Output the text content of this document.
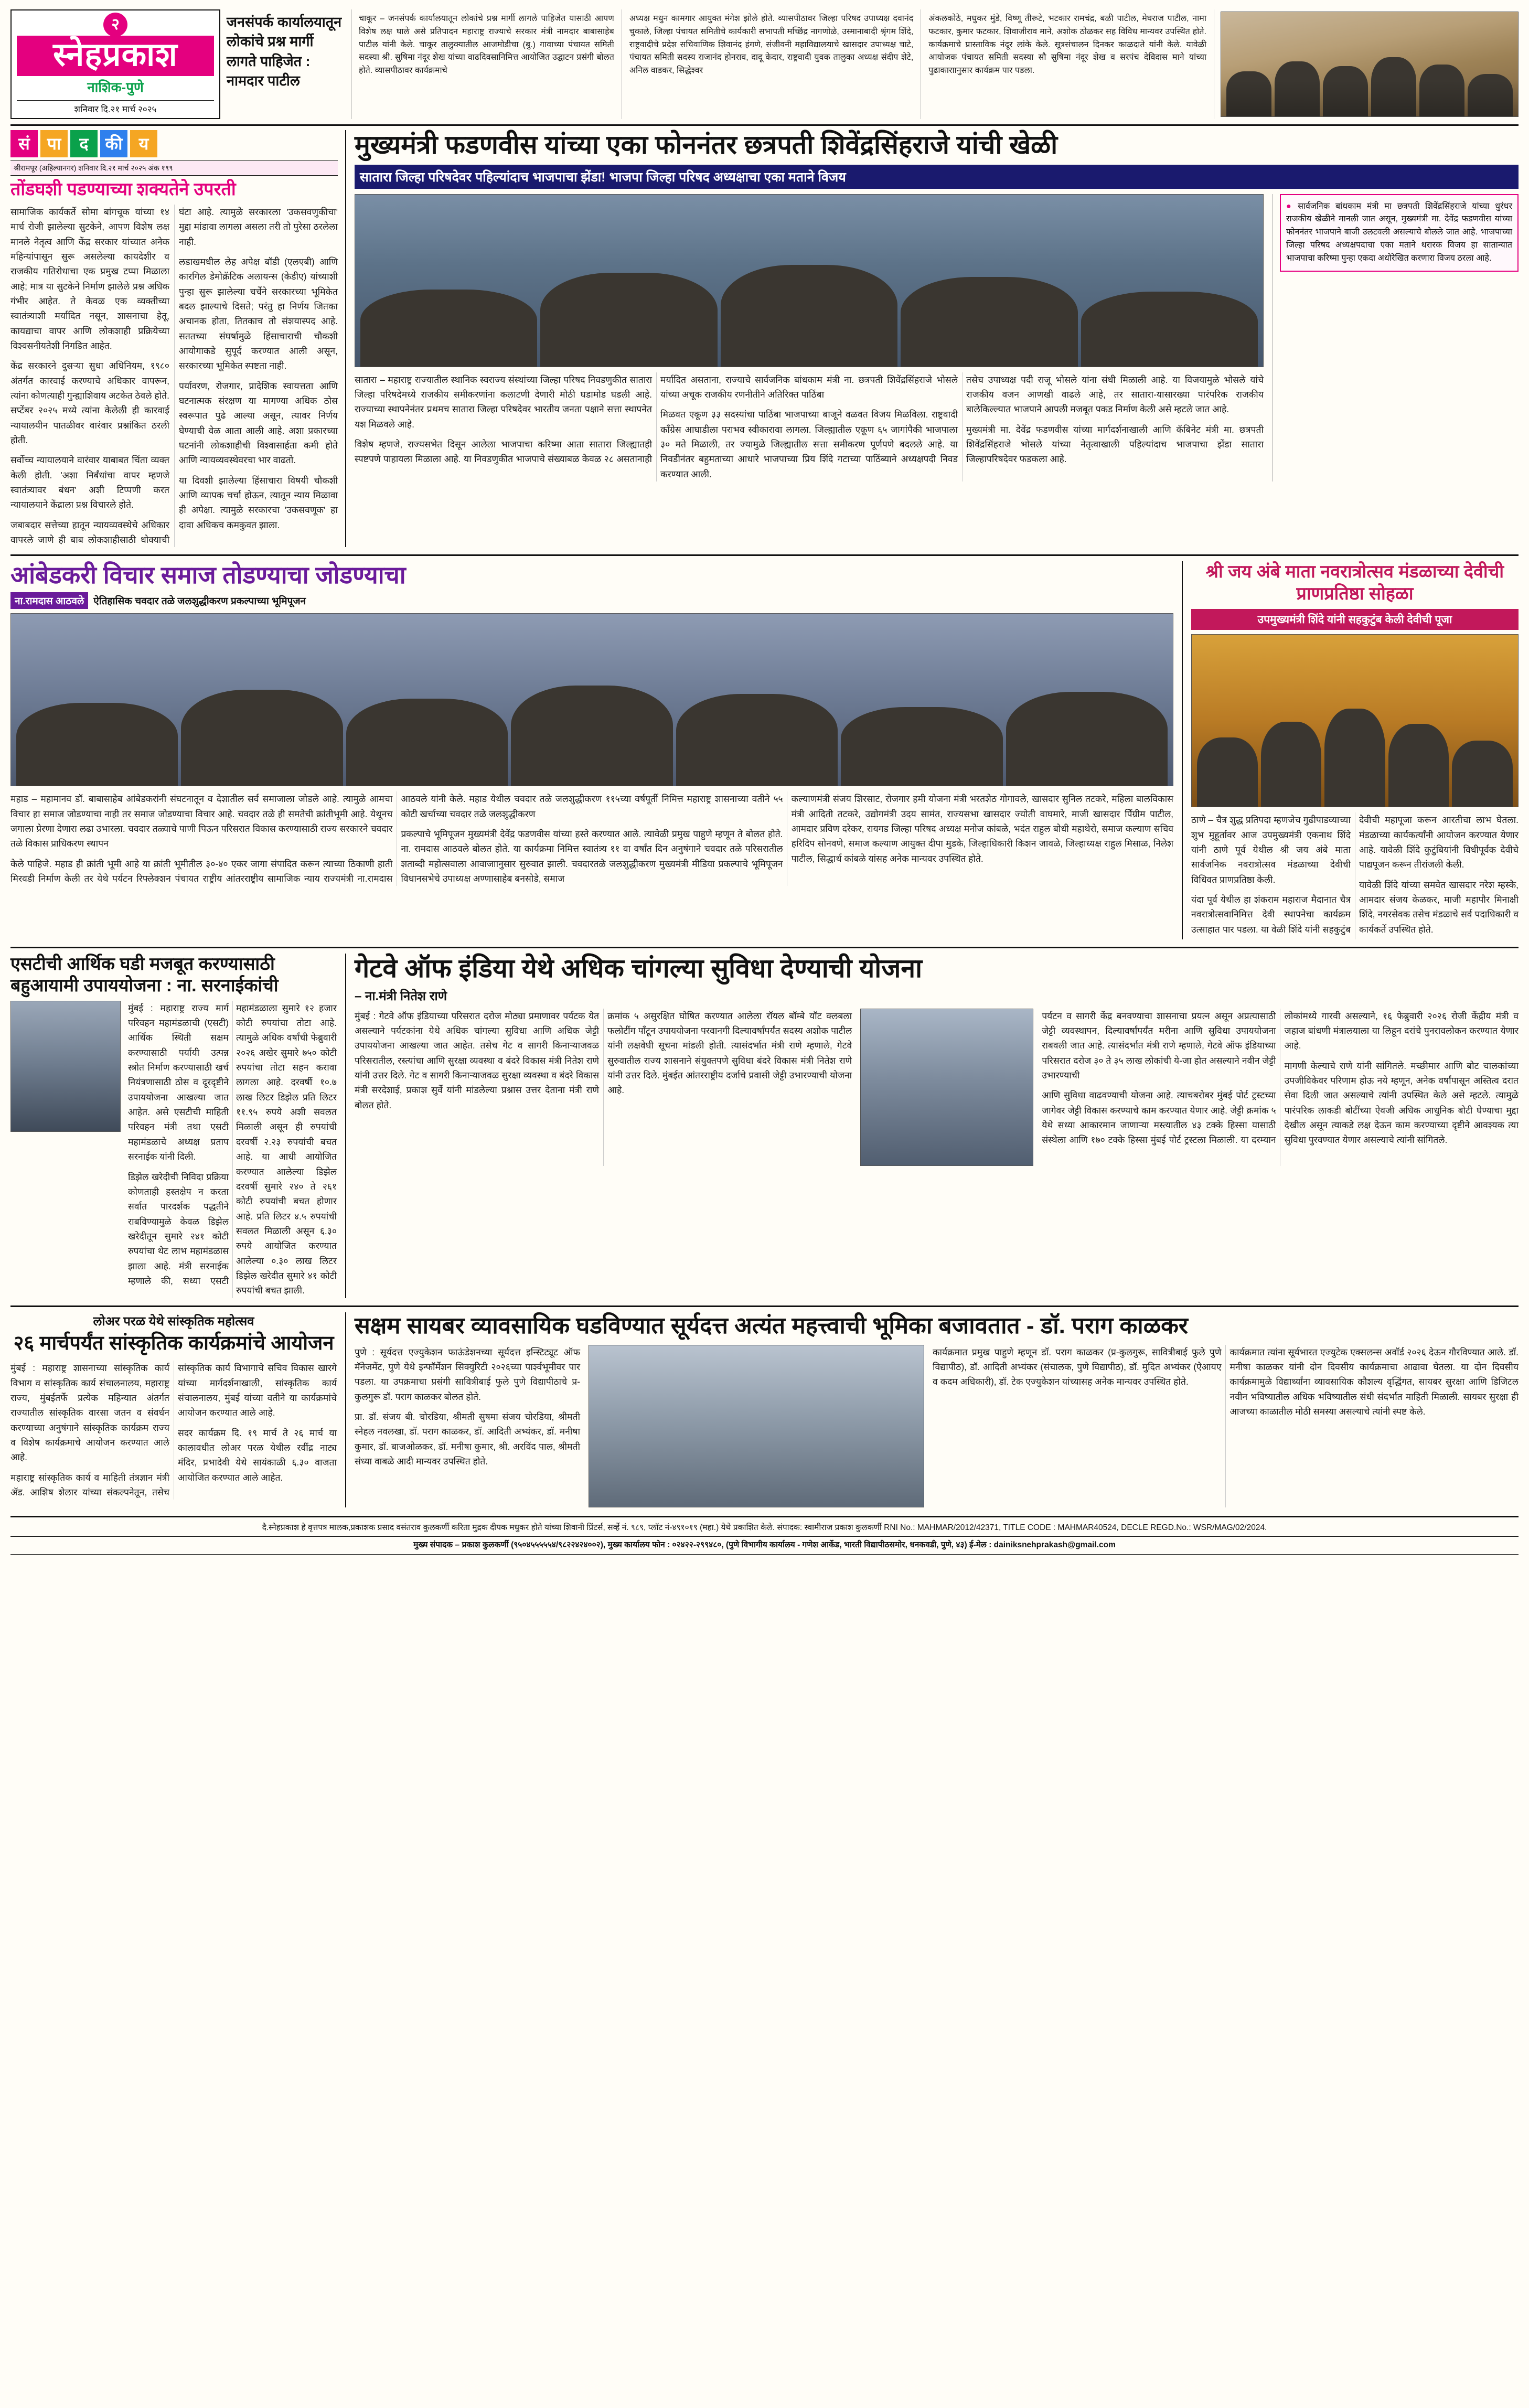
२
स्नेहप्रकाश
नाशिक-पुणे
शनिवार दि.२१ मार्च २०२५
जनसंपर्क कार्यालयातून लोकांचे प्रश्न मार्गी लागतेे पाहिजेत : नामदार पाटील
चाकूर – जनसंपर्क कार्यालयातून लोकांचे प्रश्न मार्गी लागले पाहिजेत यासाठी आपण विशेष लक्ष घाले असे प्रतिपादन महाराष्ट्र राज्याचे सरकार मंत्री नामदार बाबासाहेब पाटील यांनी केले. चाकूर तालुक्यातील आजमोडीचा (बु.) गावाच्या पंचायत समिती सदस्या श्री. सुषिमा नंदूर शेख यांच्या वाढदिवसानिमित्त आयोजित उद्घाटन प्रसंगी बोलत होते. व्यासपीठावर कार्यक्रमाचे
अध्यक्ष मधुन कामगार आयुक्त मंगेश झोले होते. व्यासपीठावर जिल्हा परिषद उपाध्यक्ष दवानंद चुकाले, जिल्हा पंचायत समितीचे कार्यकारी सभापती मच्छिंद्र नागणोळे, उस्मानाबादी श्रृंगम शिंदे, राष्ट्रवादीचे प्रदेश सचिवाणिक शिवानंद हंगणे, संजीवनी महाविद्यालयाचे खासदार उपाध्यक्ष चाटे, पंचायत समिती सदस्य राजानंद होनराव, दादू केदार, राष्ट्रवादी युवक तालुका अध्यक्ष संदीप शेटे, अनिल वाडकर, सिद्धेश्वर
अंकलकोठे, मधुकर मुंडे, विष्णू तीरूटे, भटकार रामचंद्र, बळी पाटील, मेघराज पाटील, नामा फटकार, कुमार फटकार, शिवाजीराव माने, अशोक ठोळकर सह विविध मान्यवर उपस्थित होते. कार्यक्रमाचे प्रास्ताविक नंदूर लांके केले. सूत्रसंचालन दिनकर काळदाते यांनी केले. यावेळी आयोजक पंचायत समिती सदस्या सौ सुषिमा नंदूर शेख व सरपंच देविदास माने यांच्या पुढाकाराानुसार कार्यक्रम पार पडला.
सं	पा	द	की य
श्रीरामपूर (अहिल्यानगर) शनिवार दि.२१ मार्च २०२५ अंक १९९
तोंडघशी पडण्याच्या शक्यतेने उपरती

सामाजिक कार्यकर्ते सोमा बांगचूक यांच्या १४ मार्च रोजी झालेल्या सुटकेने, आपण विशेष लक्ष मानले नेतृत्व आणि केंद्र सरकार यांच्यात अनेक महिन्यांपासून सुरू असलेल्या कायदेशीर व राजकीय गतिरोधाचा एक प्रमुख टप्पा मिळाला आहे; मात्र या सुटकेने निर्माण झालेले प्रश्न अधिक गंभीर आहेत. ते केवळ एक व्यक्तीच्या स्वातंत्र्याशी मर्यादित नसून, शासनाचा हेतू, कायद्याचा वापर आणि लोकशाही प्रक्रियेच्या विश्वसनीयतेशी निगडित आहेत.

केंद्र सरकारने दुसऱ्या सुधा अधिनियम, १९८० अंतर्गत कारवाई करण्याचे अधिकार वापरून, त्यांना कोणत्याही गुन्ह्याशिवाय अटकेत ठेवले होते. सप्टेंबर २०२५ मध्ये त्यांना केलेली ही कारवाई न्यायालयीन पातळीवर वारंवार प्रश्नांकित ठरली होती.

सर्वोच्च न्यायालयाने वारंवार याबाबत चिंता व्यक्त केली होती. 'अशा निर्बंधांचा वापर म्हणजे स्वातंत्र्यावर बंधन' अशी टिप्पणी करत न्यायालयाने केंद्राला प्रश्न विचारले होते.

जबाबदार सत्तेच्या हातून न्यायव्यवस्थेचे अधिकार वापरले जाणे ही बाब लोकशाहीसाठी धोक्याची घंटा आहे. त्यामुळे सरकारला 'उकसवणुकीचा' मुद्दा मांडावा लागला असला तरी तो पुरेसा ठरलेला नाही.

लडाखमधील लेह अपेक्ष बॉडी (एलएबी) आणि कारगिल डेमोक्रॅटिक अलायन्स (केडीए) यांच्याशी पुन्हा सुरू झालेल्या चर्चेने सरकारच्या भूमिकेत बदल झाल्याचे दिसते; परंतु हा निर्णय जितका अचानक होता, तितकाच तो संशयास्पद आहे. सततच्या संघर्षामुळे हिंसाचाराची चौकशी आयोगाकडे सुपूर्द करण्यात आली असून, सरकारच्या भूमिकेत स्पष्टता नाही.

पर्यावरण, रोजगार, प्रादेशिक स्वायत्तता आणि घटनात्मक संरक्षण या मागण्या अधिक ठोस स्वरूपात पुढे आल्या असून, त्यावर निर्णय घेण्याची वेळ आता आली आहे. अशा प्रकारच्या घटनांनी लोकशाहीची विश्वासार्हता कमी होते आणि न्यायव्यवस्थेवरचा भार वाढतो.

या दिवशी झालेल्या हिंसाचारा विषयी चौकशी आणि व्यापक चर्चा होऊन, त्यातून न्याय मिळावा ही अपेक्षा. त्यामुळे सरकारचा 'उकसवणूक' हा दावा अधिकच कमकुवत झाला.

मुख्यमंत्री फडणवीस यांच्या एका फोननंतर छत्रपती शिवेंद्रसिंहराजे यांची खेळी
सातारा जिल्हा परिषदेवर पहिल्यांदाच भाजपाचा झेंडा! भाजपा जिल्हा परिषद अध्यक्षाचा एका मताने विजय

सातारा – महाराष्ट्र राज्यातील स्थानिक स्वराज्य संस्थांच्या जिल्हा परिषद निवडणुकीत सातारा जिल्हा परिषदेमध्ये राजकीय समीकरणांना कलाटणी देणारी मोठी घडामोड घडली आहे. राज्याच्या स्थापनेनंतर प्रथमच सातारा जिल्हा परिषदेवर भारतीय जनता पक्षाने सत्ता स्थापनेत यश मिळवले आहे.

विशेष म्हणजे, राज्यसभेत दिसून आलेला भाजपाचा करिष्मा आता सातारा जिल्ह्यातही स्पष्टपणे पाहायला मिळाला आहे. या निवडणुकीत भाजपाचे संख्याबळ केवळ २८ असतानाही मर्यादित असताना, राज्याचे सार्वजनिक बांधकाम मंत्री ना. छत्रपती शिवेंद्रसिंहराजे भोसले यांच्या अचूक राजकीय रणनीतीने अतिरिक्त पाठिंबा

मिळवत एकूण ३३ सदस्यांचा पाठिंबा भाजपाच्या बाजूने वळवत विजय मिळविला. राष्ट्रवादी काँग्रेस आघाडीला पराभव स्वीकारावा लागला. जिल्ह्यातील एकूण ६५ जागांपैकी भाजपाला ३० मते मिळाली, तर ज्यामुळे जिल्ह्यातील सत्ता समीकरण पूर्णपणे बदलले आहे. या निवडीनंतर बहुमताच्या आधारे भाजपाच्या प्रिय शिंदे गटाच्या पाठिंब्याने अध्यक्षपदी निवड करण्यात आली.

तसेच उपाध्यक्ष पदी राजू भोसले यांना संधी मिळाली आहे. या विजयामुळे भोसले यांचे राजकीय वजन आणखी वाढले आहे, तर सातारा-यासारख्या पारंपरिक राजकीय बालेकिल्ल्यात भाजपाने आपली मजबूत पकड निर्माण केली असे म्हटले जात आहे.

मुख्यमंत्री मा. देवेंद्र फडणवीस यांच्या मार्गदर्शनाखाली आणि कॅबिनेट मंत्री मा. छत्रपती शिवेंद्रसिंहराजे भोसले यांच्या नेतृत्वाखाली पहिल्यांदाच भाजपाचा झेंडा सातारा जिल्हापरिषदेवर फडकला आहे.

● सार्वजनिक बांधकाम मंत्री मा छत्रपती शिवेंद्रसिंहराजे यांच्या धुरंधर राजकीय खेळीने मानली जात असून, मुख्यमंत्री मा. देवेंद्र फडणवीस यांच्या फोननंतर भाजपाने बाजी उलटवली असल्याचे बोलले जात आहे. भाजपाच्या जिल्हा परिषद अध्यक्षपदाचा एका मताने थरारक विजय हा सातान्यात भाजपाचा करिष्मा पुन्हा एकदा अधोरेखित करणारा विजय ठरला आहे.
आंबेडकरी विचार समाज तोडण्याचा जोडण्याचा
ना.रामदास आठवले ऐतिहासिक चवदार तळे जलशुद्धीकरण प्रकल्पाच्या भूमिपूजन

महाड – महामानव डॉ. बाबासाहेब आंबेडकरांनी संघटनातून व देशातील सर्व समाजाला जोडले आहे. त्यामुळे आमचा विचार हा समाज जोडण्याचा नाही तर समाज जोडण्याचा विचार आहे. चवदार तळे ही समतेची क्रांतीभूमी आहे. येथूनच जगाला प्रेरणा देणारा लढा उभारला. चवदार तळ्याचे पाणी पिऊन परिसरात विकास करण्यासाठी राज्य सरकारने चवदार तळे विकास प्राधिकरण स्थापन

केले पाहिजे. महाड ही क्रांती भूमी आहे या क्रांती भूमीतील ३०-४० एकर जागा संपादित करून त्याच्या ठिकाणी हाती मिरवडी निर्माण केली तर येथे पर्यटन रिफ्लेक्शन पंचायत राष्ट्रीय आंतरराष्ट्रीय सामाजिक न्याय राज्यमंत्री ना.रामदास आठवले यांनी केले. महाड येथील चवदार तळे जलशुद्धीकरण ११५च्या वर्षपूर्ती निमित्त महाराष्ट्र शासनाच्या वतीने ५५ कोटी खर्चाच्या चवदार तळे जलशुद्धीकरण

प्रकल्पाचे भूमिपूजन मुख्यमंत्री देवेंद्र फडणवीस यांच्या हस्ते करण्यात आले. त्यावेळी प्रमुख पाहुणे म्हणून ते बोलत होते. ना. रामदास आठवले बोलत होते. या कार्यक्रमा निमित्त स्वातंत्र्य ११ वा वर्षांत दिन अनुषंगाने चवदार तळे परिसरातील शताब्दी महोत्सवाला आवाजाानुसार सुरुवात झाली. चवदारतळे जलशुद्धीकरण मुख्यमंत्री मीडिया प्रकल्पाचे भूमिपूजन विधानसभेचे उपाध्यक्ष अण्णासाहेब बनसोडे, समाज

कल्याणमंत्री संजय शिरसाट, रोजगार हमी योजना मंत्री भरतशेठ गोगावले, खासदार सुनिल तटकरे, महिला बालविकास मंत्री आदिती तटकरे, उद्योगमंत्री उदय सामंत, राज्यसभा खासदार ज्योती वाघमारे, माजी खासदार पेिंग्रीम पाटील, आमदार प्रविण दरेकर, रायगड जिल्हा परिषद अध्यक्ष मनोज कांबळे, भदंत राहुल बोधी महाथेरो, समाज कल्याण सचिव हरिदिप सोनवणे, समाज कल्याण आयुक्त दीपा मुडके, जिल्हाधिकारी किशन जावळे, जिल्हाध्यक्ष राहुल मिसाळ, निलेश पाटील, सिद्धार्थ कांबळे यांसह अनेक मान्यवर उपस्थित होते.

श्री जय अंबे माता नवरात्रोत्सव मंडळाच्या देवीची प्राणप्रतिष्ठा सोहळा
उपमुख्यमंत्री शिंदे यांनी सहकुटुंब केली देवीची पूजा

ठाणे – चैत्र शुद्ध प्रतिपदा म्हणजेच गुढीपाडव्याच्या शुभ मुहूर्तावर आज उपमुख्यमंत्री एकनाथ शिंदे यांनी ठाणे पूर्व येथील श्री जय अंबे माता सार्वजनिक नवरात्रोत्सव मंडळाच्या देवीची विधिवत प्राणप्रतिष्ठा केली.

यंदा पूर्व येथील हा शंकराम महाराज मैदानात चैत्र नवरात्रोत्सवानिमित्त देवी स्थापनेचा कार्यक्रम उत्साहात पार पडला. या वेळी शिंदे यांनी सहकुटुंब देवीची महापूजा करून आरतीचा लाभ घेतला. मंडळाच्या कार्यकर्त्यांनी आयोजन करण्यात येणार आहे. यावेळी शिंदे कुटुंबियांनी विधीपूर्वक देवीचे पाद्यपूजन करून तीरांजली केली.

यावेळी शिंदे यांच्या समवेत खासदार नरेश म्हस्के, आमदार संजय केळकर, माजी महापौर मिनाक्षी शिंदे, नगरसेवक तसेच मंडळाचे सर्व पदाधिकारी व कार्यकर्ते उपस्थित होते.

एसटीची आर्थिक घडी मजबूत करण्यासाठी बहुआयामी उपाययोजना : ना. सरनाईकांची

मुंबई : महाराष्ट्र राज्य मार्ग परिवहन महामंडळाची (एसटी) आर्थिक स्थिती सक्षम करण्यासाठी पर्यायी उत्पन्न स्त्रोत निर्माण करण्यासाठी खर्च नियंत्रणासाठी ठोस व दूरदृष्टीने उपाययोजना आखल्या जात आहेत. असे एसटीची माहिती परिवहन मंत्री तथा एसटी महामंडळाचे अध्यक्ष प्रताप सरनाईक यांनी दिली.

डिझेल खरेदीची निविदा प्रक्रिया कोणताही हस्तक्षेप न करता सर्वात पारदर्शक पद्धतीने राबविण्यामुळे केवळ डिझेल खरेदीतून सुमारे २४१ कोटी रुपयांचा थेट लाभ महामंडळास झाला आहे. मंत्री सरनाईक म्हणाले की, सध्या एसटी महामंडळाला सुमारे १२ हजार कोटी रुपयांचा तोटा आहे. त्यामुळे अधिक वर्षांची फेब्रुवारी २०२६ अखेर सुमारे ७५० कोटी रुपयांचा तोटा सहन करावा लागला आहे. दरवर्षी १०.७ लाख लिटर डिझेल प्रति लिटर ११.९५ रुपये अशी सवलत मिळाली असून ही रुपयांची दरवर्षी २.२३ रुपयांची बचत आहे. या आधी आयोजित करण्यात आलेल्या डिझेल दरवर्षी सुमारे २४० ते २६१ कोटी रुपयांची बचत होणार आहे. प्रति लिटर ४.५ रुपयांची सवलत मिळाली असून ६.३० रुपये आयोजित करण्यात आलेल्या ०.३० लाख लिटर डिझेल खरेदीत सुमारे ४१ कोटी रुपयांची बचत झाली.

गेटवे ऑफ इंडिया येथे अधिक चांगल्या सुविधा देण्याची योजना
– ना.मंत्री नितेश राणे

मुंबई : गेटवे ऑफ इंडियाच्या परिसरात दरोज मोठ्या प्रमाणावर पर्यटक येत असल्याने पर्यटकांना येथे अधिक चांगल्या सुविधा आणि अधिक जेट्टी उपाययोजना आखल्या जात आहेत. तसेच गेट व सागरी किनाऱ्याजवळ परिसरातील, रस्त्यांचा आणि सुरक्षा व्यवस्था व बंदरे विकास मंत्री नितेश राणे यांनी उत्तर दिले. गेट व सागरी किनाऱ्याजवळ सुरक्षा व्यवस्था व बंदरे विकास मंत्री सरदेशाई, प्रकाश सुर्वे यांनी मांडलेल्या प्रश्नास उत्तर देताना मंत्री राणे बोलत होते.

क्रमांक ५ असुरक्षित घोषित करण्यात आलेला रॉयल बॉम्बे यॉट क्लबला फलोटींग पाँटून उपाययोजना परवानगी दिल्यावर्षांपर्यंत सदस्य अशोक पाटील यांनी लक्षवेधी सूचना मांडली होती. त्यासंदर्भात मंत्री राणे म्हणाले, गेटवे सुरुवातील राज्य शासनाने संयुक्तपणे सुविधा बंदरे विकास मंत्री नितेश राणे यांनी उत्तर दिले. मुंबईत आंतरराष्ट्रीय दर्जाचे प्रवासी जेट्टी उभारण्याची योजना आहे.

पर्यटन व सागरी केंद्र बनवण्याचा शासनाचा प्रयत्न असून अप्रत्यासाठी जेट्टी व्यवस्थापन, दिल्यावर्षांपर्यंत मरीना आणि सुविधा उपाययोजना राबवली जात आहे. त्यासंदर्भात मंत्री राणे म्हणाले, गेटवे ऑफ इंडियाच्या परिसरात दरोज ३० ते ३५ लाख लोकांची ये-जा होत असल्याने नवीन जेट्टी उभारण्याची

आणि सुविधा वाढवण्याची योजना आहे. त्याचबरोबर मुंबई पोर्ट ट्रस्टच्या जागेवर जेट्टी विकास करण्याचे काम करण्यात येणार आहे. जेट्टी क्रमांक ५ येथे सध्या आकारमान जाणाऱ्या मस्त्यातील ४३ टक्के हिस्सा यासाठी संस्थेला आणि १७० टक्के हिस्सा मुंबई पोर्ट ट्रस्टला मिळाली. या दरम्यान लोकांमध्ये गारवी असल्याने, १६ फेब्रुवारी २०२६ रोजी केंद्रीय मंत्री व जहाज बांधणी मंत्रालयाला या लिहून दरांचे पुनरावलोकन करण्यात येणार आहे.

मागणी केल्याचे राणे यांनी सांगितले. मच्छीमार आणि बोट चालकांच्या उपजीविकेवर परिणाम होऊ नये म्हणून, अनेक वर्षांपासून अस्तित्व दरात सेवा दिली जात असल्याचे त्यांनी उपस्थित केले असे म्हटले. त्यामुळे पारंपरिक लाकडी बोटींच्या ऐवजी अधिक आधुनिक बोटी घेण्याचा मुद्दा देखील असून त्याकडे लक्ष देऊन काम करण्याच्या दृष्टीने आवश्यक त्या सुविधा पुरवण्यात येणार असल्याचे त्यांनी सांगितले.

लोअर परळ येथे सांस्कृतिक महोत्सव
२६ मार्चपर्यंत सांस्कृतिक कार्यक्रमांचे आयोजन

मुंबई : महाराष्ट्र शासनाच्या सांस्कृतिक कार्य विभाग व सांस्कृतिक कार्य संचालनालय, महाराष्ट्र राज्य, मुंबईतर्फे प्रत्येक महिन्यात अंतर्गत राज्यातील सांस्कृतिक वारसा जतन व संवर्धन करण्याच्या अनुषंगाने सांस्कृतिक कार्यक्रम राज्य व विशेष कार्यक्रमाचे आयोजन करण्यात आले आहे.

महाराष्ट्र सांस्कृतिक कार्य व माहिती तंत्रज्ञान मंत्री ॲड. आशिष शेलार यांच्या संकल्पनेतून, तसेच सांस्कृतिक कार्य विभागाचे सचिव विकास खारगे यांच्या मार्गदर्शनाखाली, सांस्कृतिक कार्य संचालनालय, मुंबई यांच्या वतीने या कार्यक्रमांचे आयोजन करण्यात आले आहे.

सदर कार्यक्रम दि. १९ मार्च ते २६ मार्च या कालावधीत लोअर परळ येथील रवींद्र नाट्य मंदिर, प्रभादेवी येथे सायंकाळी ६.३० वाजता आयोजित करण्यात आले आहेत.

सक्षम सायबर व्यावसायिक घडविण्यात सूर्यदत्त अत्यंत महत्त्वाची भूमिका बजावतात - डॉ. पराग काळकर

पुणे : सूर्यदत्त एज्युकेशन फाऊंडेशनच्या सूर्यदत्त इन्स्टिट्यूट ऑफ मॅनेजमेंट, पुणे येथे इन्फॉर्मेशन सिक्युरिटी २०२६च्या पार्श्वभूमीवर पार पडला. या उपक्रमाचा प्रसंगी सावित्रीबाई फुले पुणे विद्यापीठाचे प्र-कुलगुरू डॉ. पराग काळकर बोलत होते.

प्रा. डॉ. संजय बी. चोरडिया, श्रीमती सुषमा संजय चोरडिया, श्रीमती स्नेहल नवलखा, डॉ. पराग काळकर, डॉ. आदिती अभ्यंकर, डॉ. मनीषा कुमार, डॉ. बाजओळकर, डॉ. मनीषा कुमार, श्री. अरविंद पाल, श्रीमती संध्या वाबळे आदी मान्यवर उपस्थित होते.

कार्यक्रमात प्रमुख पाहुणे म्हणून डॉ. पराग काळकर (प्र-कुलगुरू, सावित्रीबाई फुले पुणे विद्यापीठ), डॉ. आदिती अभ्यंकर (संचालक, पुणे विद्यापीठ), डॉ. मुदित अभ्यंकर (ऐआयए व कदम अधिकारी), डॉ. टेक एज्युकेशन यांच्यासह अनेक मान्यवर उपस्थित होते.

कार्यक्रमात त्यांना सूर्यभारत एज्युटेक एक्सलन्स अवॉर्ड २०२६ देऊन गौरविण्यात आले. डॉ. मनीषा काळकर यांनी दोन दिवसीय कार्यक्रमाचा आढावा घेतला. या दोन दिवसीय कार्यक्रमामुळे विद्यार्थ्यांना व्यावसायिक कौशल्य वृद्धिंगत, सायबर सुरक्षा आणि डिजिटल नवीन भविष्यातील अधिक भविष्यातील संधी संदर्भात माहिती मिळाली. सायबर सुरक्षा ही आजच्या काळातील मोठी समस्या असल्याचे त्यांनी स्पष्ट केले.

दै.स्नेहप्रकाश हे वृत्तपत्र मालक,प्रकाशक प्रसाद वसंतराव कुलकर्णी करिता मुद्रक दीपक मधुकर होते यांच्या शिवानी प्रिंटर्स, सर्व्हे नं. ९८९, प्लॉट नं-४९१०१९ (महा.) येथे प्रकाशित केले. संपादक: स्वामीराज प्रकाश कुलकर्णी RNI No.: MAHMAR/2012/42371, TITLE CODE : MAHMAR40524, DECLE REGD.No.: WSR/MAG/02/2024.
मुख्य संपादक – प्रकाश कुलकर्णी (९५०४५५५५५४/९८२२४२४००२), मुख्य कार्यालय फोन : ०२४२२-२९९४८०, (पुणे विभागीय कार्यालय - गणेश आर्केड, भारती विद्यापीठसमोर, धनकवडी, पुणे, ४३) ई-मेल : dainiksnehprakash@gmail.com
